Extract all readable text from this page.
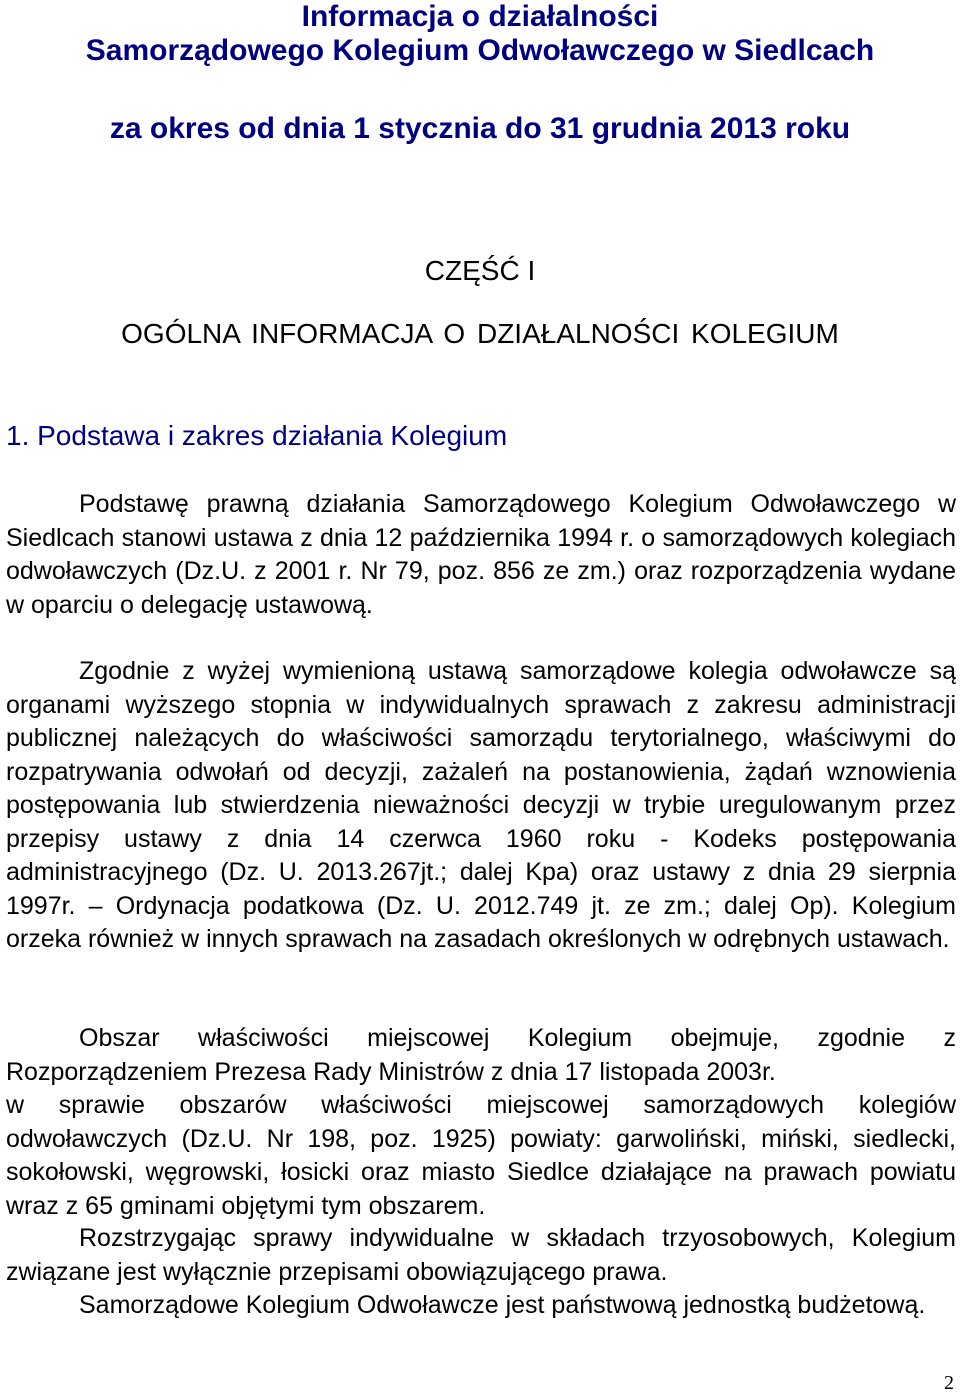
Informacja o działalności
Samorządowego Kolegium Odwoławczego w Siedlcach
za okres od dnia 1 stycznia do 31 grudnia 2013 roku
CZĘŚĆ I
OGÓLNA INFORMACJA O DZIAŁALNOŚCI KOLEGIUM
1. Podstawa i zakres działania Kolegium
Podstawę prawną działania Samorządowego Kolegium Odwoławczego w Siedlcach stanowi ustawa z dnia 12 października 1994 r. o samorządowych kolegiach odwoławczych (Dz.U. z 2001 r. Nr 79, poz. 856 ze zm.) oraz rozporządzenia wydane w oparciu o delegację ustawową.
Zgodnie z wyżej wymienioną ustawą samorządowe kolegia odwoławcze są organami wyższego stopnia w indywidualnych sprawach z zakresu administracji publicznej należących do właściwości samorządu terytorialnego, właściwymi do rozpatrywania odwołań od decyzji, zażaleń na postanowienia, żądań wznowienia postępowania lub stwierdzenia nieważności decyzji w trybie uregulowanym przez przepisy ustawy z dnia 14 czerwca 1960 roku - Kodeks postępowania administracyjnego (Dz. U. 2013.267jt.; dalej Kpa) oraz ustawy z dnia 29 sierpnia 1997r. – Ordynacja podatkowa (Dz. U. 2012.749 jt. ze zm.; dalej Op). Kolegium orzeka również w innych sprawach na zasadach określonych w odrębnych ustawach.
Obszar właściwości miejscowej Kolegium obejmuje, zgodnie z Rozporządzeniem Prezesa Rady Ministrów z dnia 17 listopada 2003r.
w sprawie obszarów właściwości miejscowej samorządowych kolegiów odwoławczych (Dz.U. Nr 198, poz. 1925) powiaty: garwoliński, miński, siedlecki, sokołowski, węgrowski, łosicki oraz miasto Siedlce działające na prawach powiatu wraz z 65 gminami objętymi tym obszarem.
Rozstrzygając sprawy indywidualne w składach trzyosobowych, Kolegium związane jest wyłącznie przepisami obowiązującego prawa.
Samorządowe Kolegium Odwoławcze jest państwową jednostką budżetową.
2
